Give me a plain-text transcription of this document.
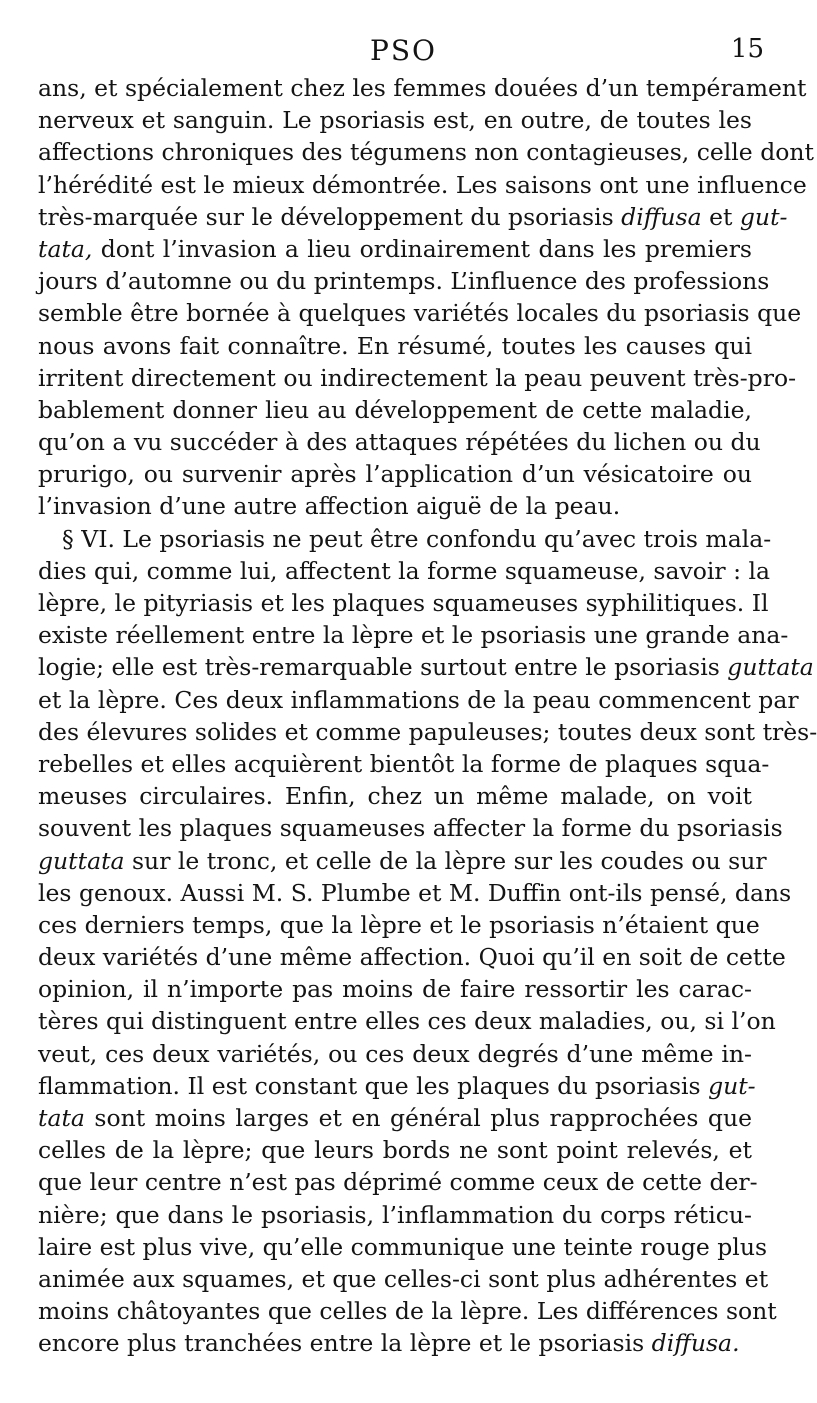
PSO	15
ans, et spécialement chez les femmes douées d’un tempérament
nerveux et sanguin. Le psoriasis est, en outre, de toutes les
affections chroniques des tégumens non contagieuses, celle dont
l’hérédité est le mieux démontrée. Les saisons ont une influence
très-marquée sur le développement du psoriasis diffusa et gut-
tata, dont l’invasion a lieu ordinairement dans les premiers
jours d’automne ou du printemps. L’influence des professions
semble être bornée à quelques variétés locales du psoriasis que
nous avons fait connaître. En résumé, toutes les causes qui
irritent directement ou indirectement la peau peuvent très-pro-
bablement donner lieu au développement de cette maladie,
qu’on a vu succéder à des attaques répétées du lichen ou du
prurigo, ou survenir après l’application d’un vésicatoire ou
l’invasion d’une autre affection aiguë de la peau.
§ VI. Le psoriasis ne peut être confondu qu’avec trois mala-
dies qui, comme lui, affectent la forme squameuse, savoir : la
lèpre, le pityriasis et les plaques squameuses syphilitiques. Il
existe réellement entre la lèpre et le psoriasis une grande ana-
logie; elle est très-remarquable surtout entre le psoriasis guttata
et la lèpre. Ces deux inflammations de la peau commencent par
des élevures solides et comme papuleuses; toutes deux sont très-
rebelles et elles acquièrent bientôt la forme de plaques squa-
meuses circulaires. Enfin, chez un même malade, on voit
souvent les plaques squameuses affecter la forme du psoriasis
guttata sur le tronc, et celle de la lèpre sur les coudes ou sur
les genoux. Aussi M. S. Plumbe et M. Duffin ont-ils pensé, dans
ces derniers temps, que la lèpre et le psoriasis n’étaient que
deux variétés d’une même affection. Quoi qu’il en soit de cette
opinion, il n’importe pas moins de faire ressortir les carac-
tères qui distinguent entre elles ces deux maladies, ou, si l’on
veut, ces deux variétés, ou ces deux degrés d’une même in-
flammation. Il est constant que les plaques du psoriasis gut-
tata sont moins larges et en général plus rapprochées que
celles de la lèpre; que leurs bords ne sont point relevés, et
que leur centre n’est pas déprimé comme ceux de cette der-
nière; que dans le psoriasis, l’inflammation du corps réticu-
laire est plus vive, qu’elle communique une teinte rouge plus
animée aux squames, et que celles-ci sont plus adhérentes et
moins châtoyantes que celles de la lèpre. Les différences sont
encore plus tranchées entre la lèpre et le psoriasis diffusa.
